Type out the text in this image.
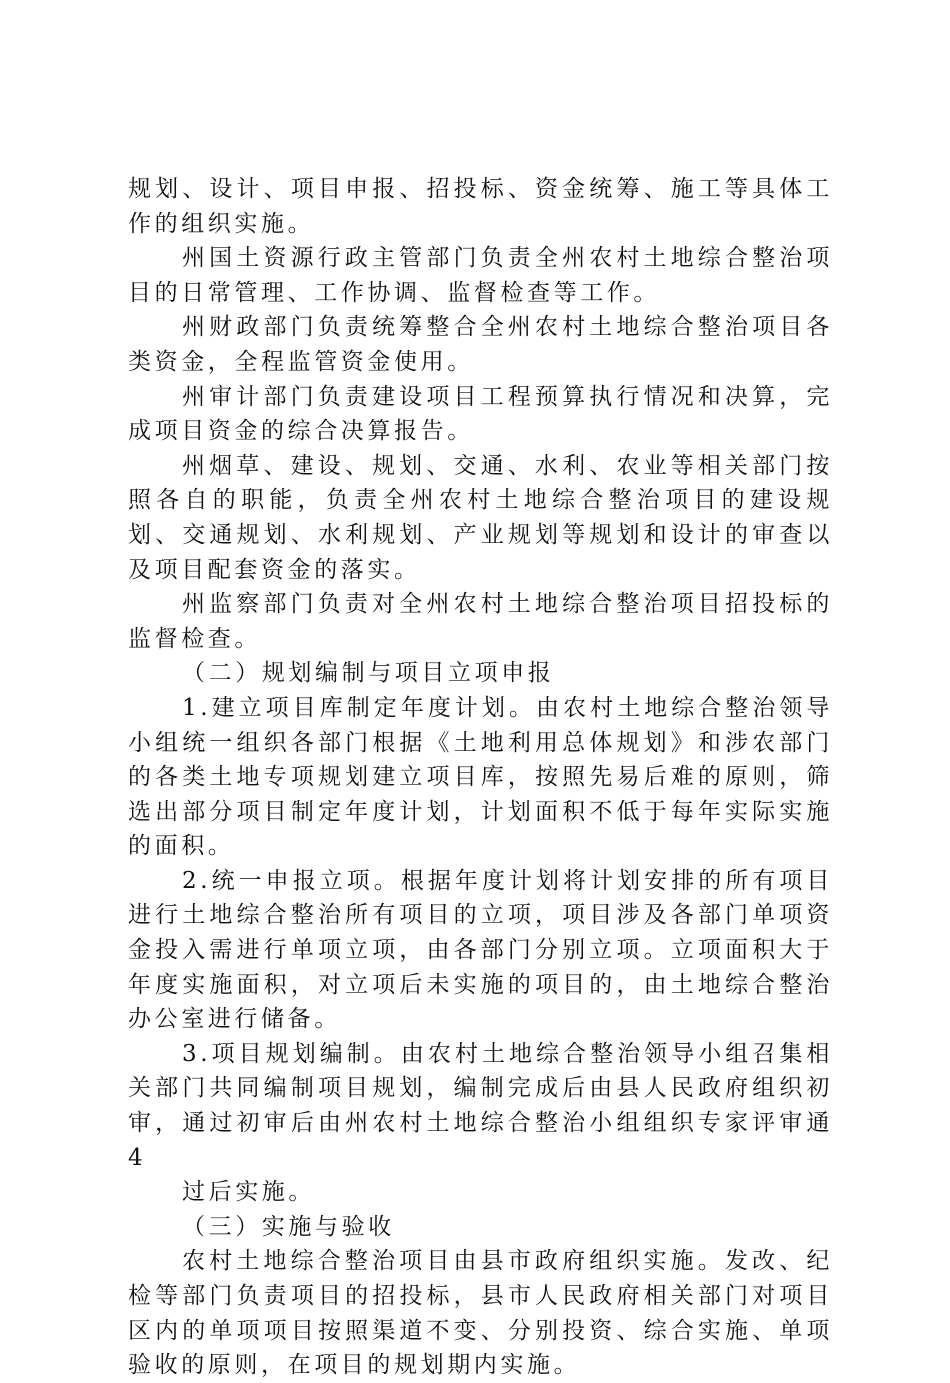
规划、设计、项目申报、招投标、资金统筹、施工等具体工作的组织实施。

州国土资源行政主管部门负责全州农村土地综合整治项目的日常管理、工作协调、监督检查等工作。

州财政部门负责统筹整合全州农村土地综合整治项目各类资金，全程监管资金使用。

州审计部门负责建设项目工程预算执行情况和决算，完成项目资金的综合决算报告。

州烟草、建设、规划、交通、水利、农业等相关部门按照各自的职能，负责全州农村土地综合整治项目的建设规划、交通规划、水利规划、产业规划等规划和设计的审查以及项目配套资金的落实。

州监察部门负责对全州农村土地综合整治项目招投标的监督检查。

（二）规划编制与项目立项申报

1.建立项目库制定年度计划。由农村土地综合整治领导小组统一组织各部门根据《土地利用总体规划》和涉农部门的各类土地专项规划建立项目库，按照先易后难的原则，筛选出部分项目制定年度计划，计划面积不低于每年实际实施的面积。

2.统一申报立项。根据年度计划将计划安排的所有项目进行土地综合整治所有项目的立项，项目涉及各部门单项资金投入需进行单项立项，由各部门分别立项。立项面积大于年度实施面积，对立项后未实施的项目的，由土地综合整治办公室进行储备。

3.项目规划编制。由农村土地综合整治领导小组召集相关部门共同编制项目规划，编制完成后由县人民政府组织初审，通过初审后由州农村土地综合整治小组组织专家评审通4

过后实施。

（三）实施与验收

农村土地综合整治项目由县市政府组织实施。发改、纪检等部门负责项目的招投标，县市人民政府相关部门对项目区内的单项项目按照渠道不变、分别投资、综合实施、单项验收的原则，在项目的规划期内实施。
